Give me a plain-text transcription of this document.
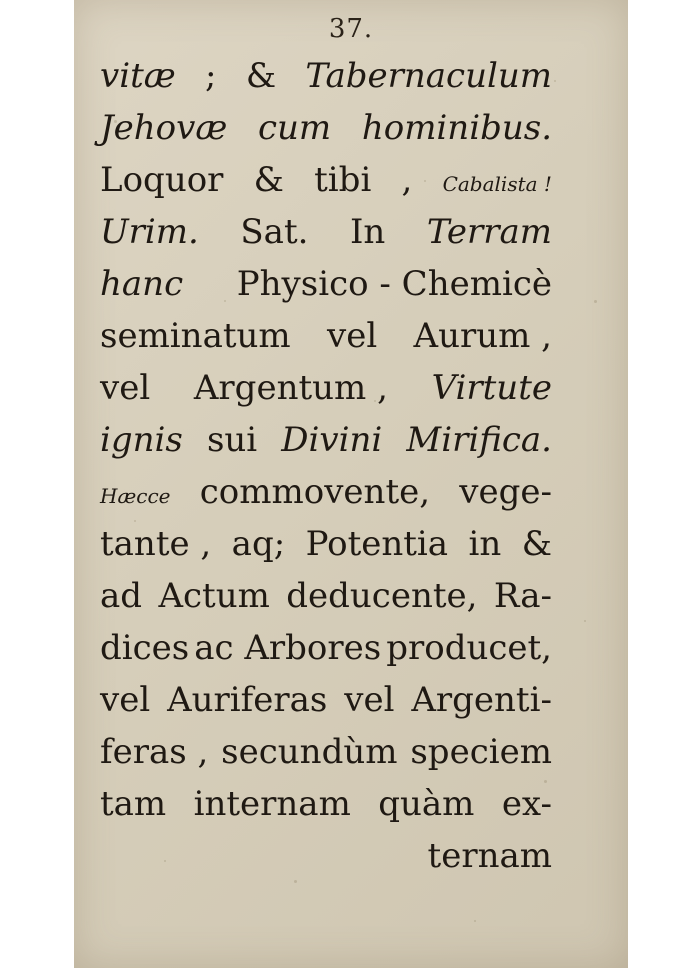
37.
vitæ ; & Tabernaculum
Jehovæ cum hominibus.
Loquor & tibi , Cabalista !
Urim. Sat. In Terram
hanc Physico - Chemicè
seminatum vel Aurum ,
vel Argentum , Virtute
ignis sui Divini Mirifica.
Hæcce commovente, vege-
tante , aq; Potentia in &
ad Actum deducente, Ra-
dices ac Arbores producet,
vel Auriferas vel Argenti-
feras , secundùm speciem
tam internam quàm ex-
ternam
